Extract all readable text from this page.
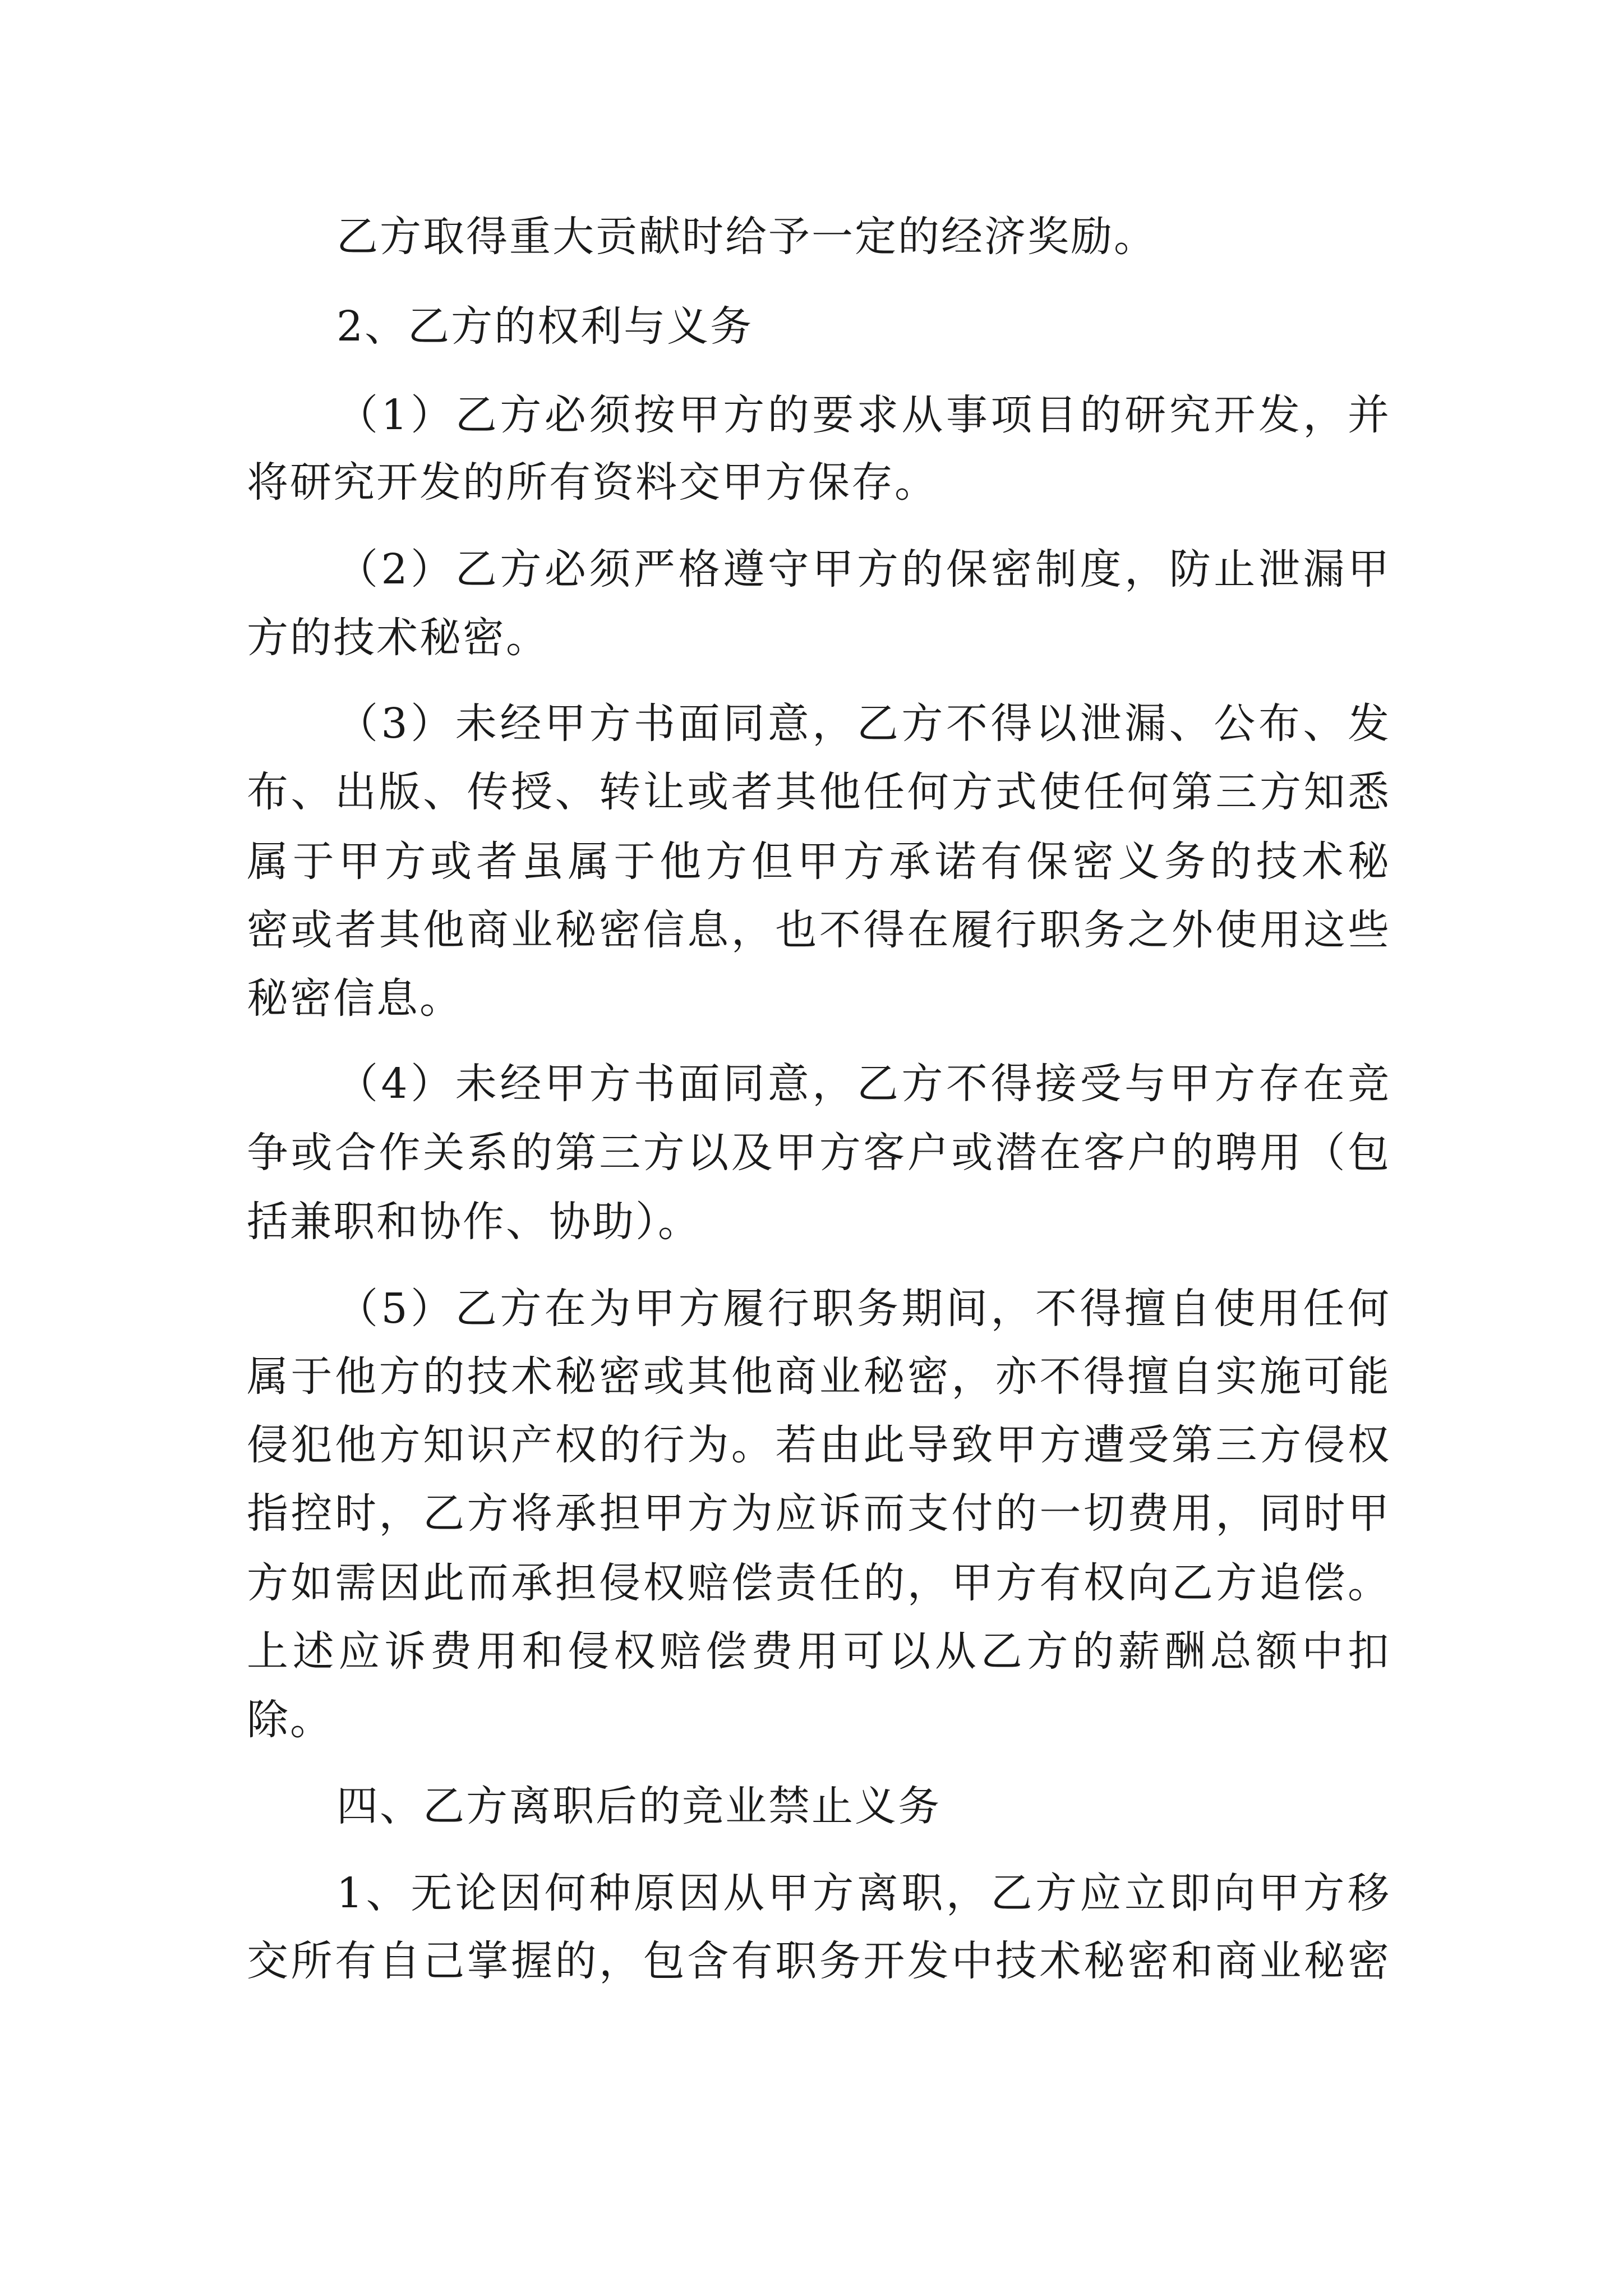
乙方取得重大贡献时给予一定的经济奖励。
2、乙方的权利与义务
（1）乙方必须按甲方的要求从事项目的研究开发，并
将研究开发的所有资料交甲方保存。
（2）乙方必须严格遵守甲方的保密制度，防止泄漏甲
方的技术秘密。
（3）未经甲方书面同意，乙方不得以泄漏、公布、发
布、出版、传授、转让或者其他任何方式使任何第三方知悉
属于甲方或者虽属于他方但甲方承诺有保密义务的技术秘
密或者其他商业秘密信息，也不得在履行职务之外使用这些
秘密信息。
（4）未经甲方书面同意，乙方不得接受与甲方存在竞
争或合作关系的第三方以及甲方客户或潜在客户的聘用（包
括兼职和协作、协助）。
（5）乙方在为甲方履行职务期间，不得擅自使用任何
属于他方的技术秘密或其他商业秘密，亦不得擅自实施可能
侵犯他方知识产权的行为。若由此导致甲方遭受第三方侵权
指控时，乙方将承担甲方为应诉而支付的一切费用，同时甲
方如需因此而承担侵权赔偿责任的，甲方有权向乙方追偿。
上述应诉费用和侵权赔偿费用可以从乙方的薪酬总额中扣
除。
四、乙方离职后的竞业禁止义务
1、无论因何种原因从甲方离职，乙方应立即向甲方移
交所有自己掌握的，包含有职务开发中技术秘密和商业秘密
